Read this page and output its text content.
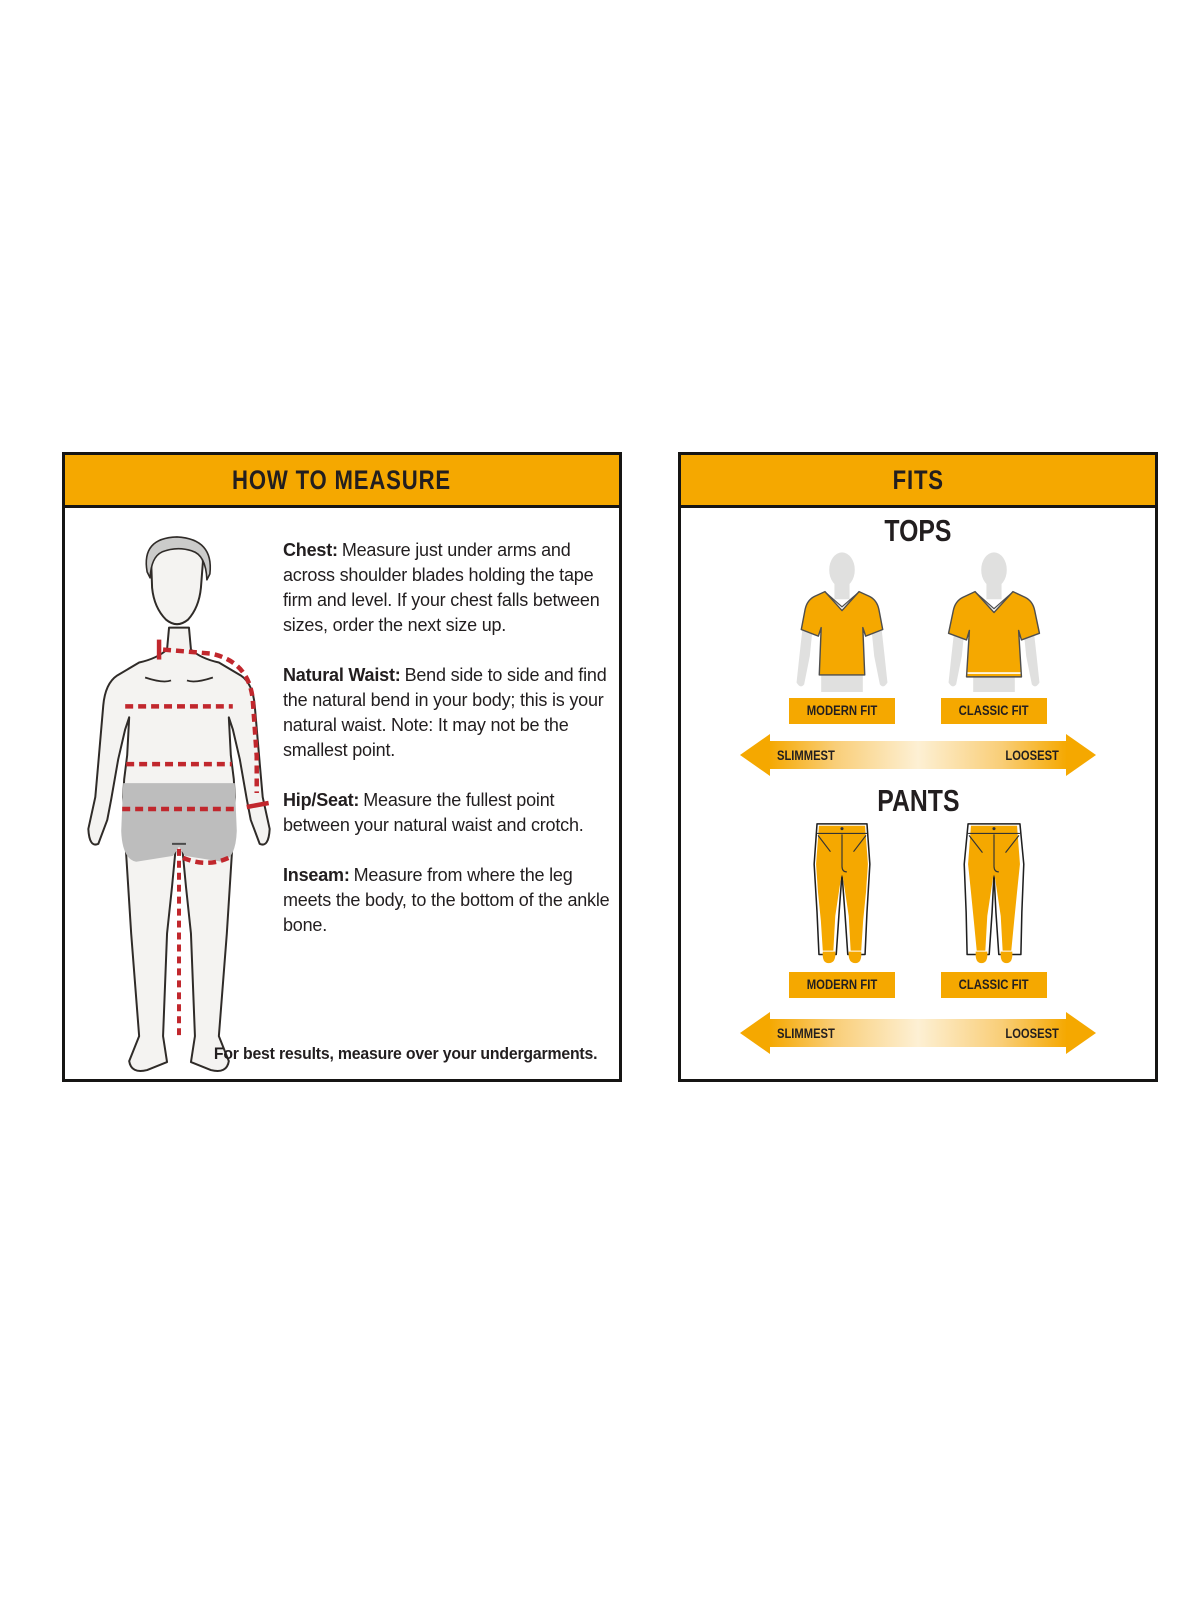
HOW TO MEASURE

Chest: Measure just under arms and across shoulder blades holding the tape firm and level. If your chest falls between sizes, order the next size up.

Natural Waist: Bend side to side and find the natural bend in your body; this is your natural waist. Note: It may not be the smallest point.

Hip/Seat: Measure the fullest point between your natural waist and crotch.

Inseam: Measure from where the leg meets the body, to the bottom of the ankle bone.

For best results, measure over your undergarments.
FITS
TOPS
MODERN FIT	CLASSIC FIT
SLIMMEST	LOOSEST
PANTS
MODERN FIT	CLASSIC FIT
SLIMMEST	LOOSEST
